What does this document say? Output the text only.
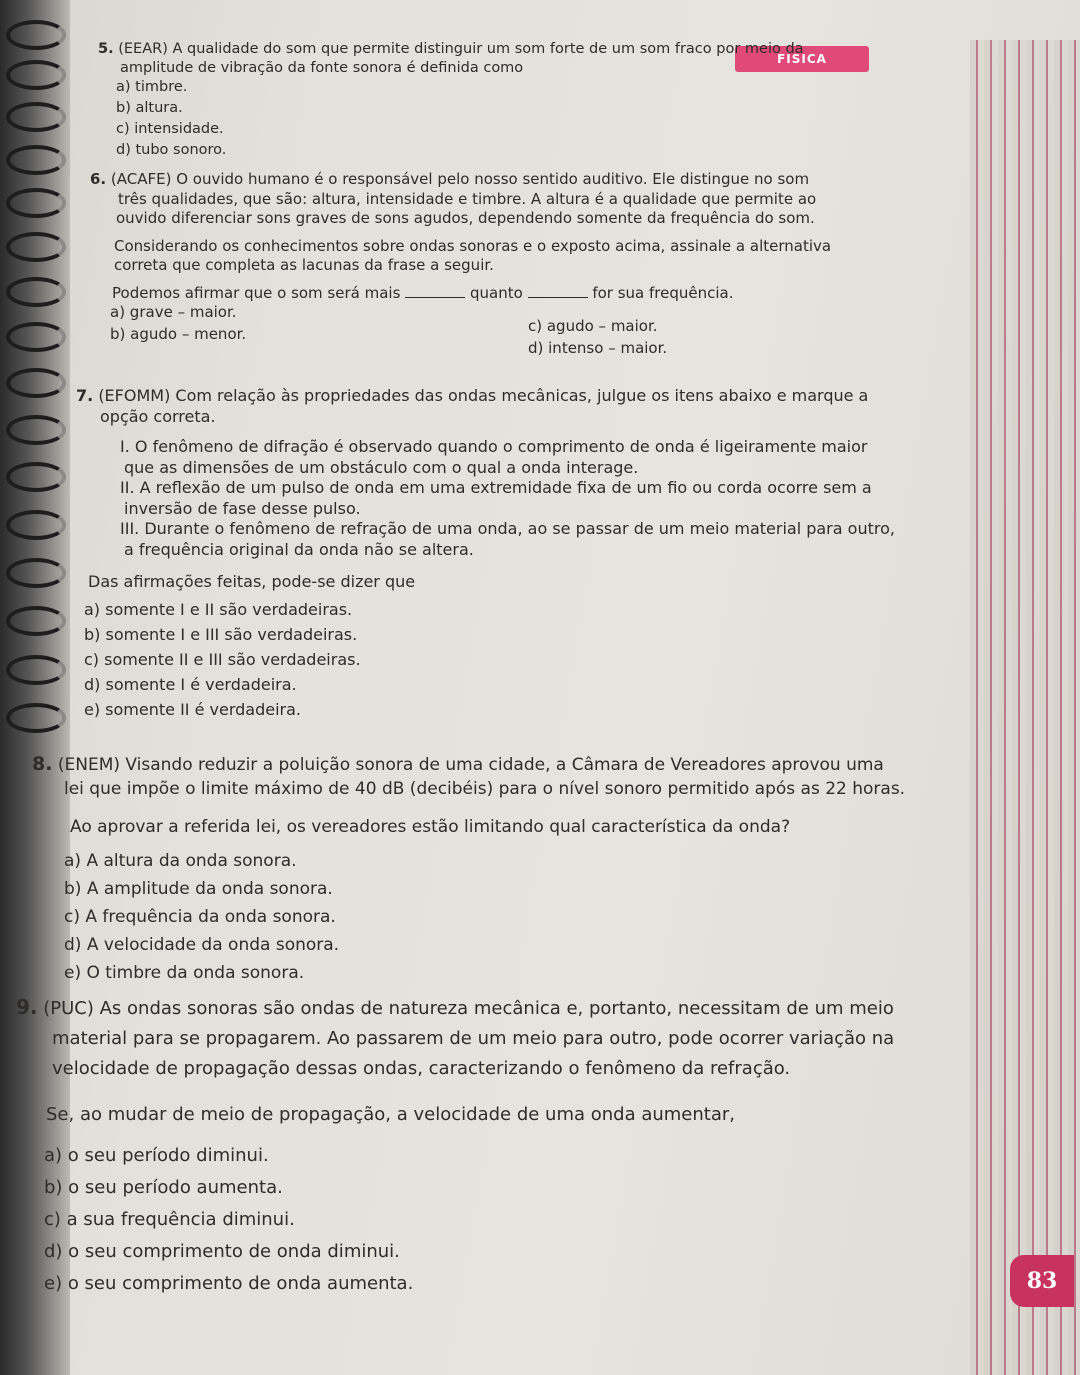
FÍSICA
5. (EEAR) A qualidade do som que permite distinguir um som forte de um som fraco por meio da
amplitude de vibração da fonte sonora é definida como
a) timbre.
b) altura.
c) intensidade.
d) tubo sonoro.
6. (ACAFE) O ouvido humano é o responsável pelo nosso sentido auditivo. Ele distingue no som
três qualidades, que são: altura, intensidade e timbre. A altura é a qualidade que permite ao
ouvido diferenciar sons graves de sons agudos, dependendo somente da frequência do som.
Considerando os conhecimentos sobre ondas sonoras e o exposto acima, assinale a alternativa
correta que completa as lacunas da frase a seguir.
Podemos afirmar que o som será mais	quanto	for sua frequência.
a) grave – maior.
b) agudo – menor.	c) agudo – maior.
d) intenso – maior.
7. (EFOMM) Com relação às propriedades das ondas mecânicas, julgue os itens abaixo e marque a
opção correta.
I. O fenômeno de difração é observado quando o comprimento de onda é ligeiramente maior
que as dimensões de um obstáculo com o qual a onda interage.
II. A reflexão de um pulso de onda em uma extremidade fixa de um fio ou corda ocorre sem a
inversão de fase desse pulso.
III. Durante o fenômeno de refração de uma onda, ao se passar de um meio material para outro,
a frequência original da onda não se altera.
Das afirmações feitas, pode-se dizer que
a) somente I e II são verdadeiras.
b) somente I e III são verdadeiras.
c) somente II e III são verdadeiras.
d) somente I é verdadeira.
e) somente II é verdadeira.
8. (ENEM) Visando reduzir a poluição sonora de uma cidade, a Câmara de Vereadores aprovou uma
lei que impõe o limite máximo de 40 dB (decibéis) para o nível sonoro permitido após as 22 horas.
Ao aprovar a referida lei, os vereadores estão limitando qual característica da onda?
a) A altura da onda sonora.
b) A amplitude da onda sonora.
c) A frequência da onda sonora.
d) A velocidade da onda sonora.
e) O timbre da onda sonora.
9. (PUC) As ondas sonoras são ondas de natureza mecânica e, portanto, necessitam de um meio
material para se propagarem. Ao passarem de um meio para outro, pode ocorrer variação na
velocidade de propagação dessas ondas, caracterizando o fenômeno da refração.
Se, ao mudar de meio de propagação, a velocidade de uma onda aumentar,
a) o seu período diminui.
b) o seu período aumenta.
c) a sua frequência diminui.
d) o seu comprimento de onda diminui.
e) o seu comprimento de onda aumenta.	83
